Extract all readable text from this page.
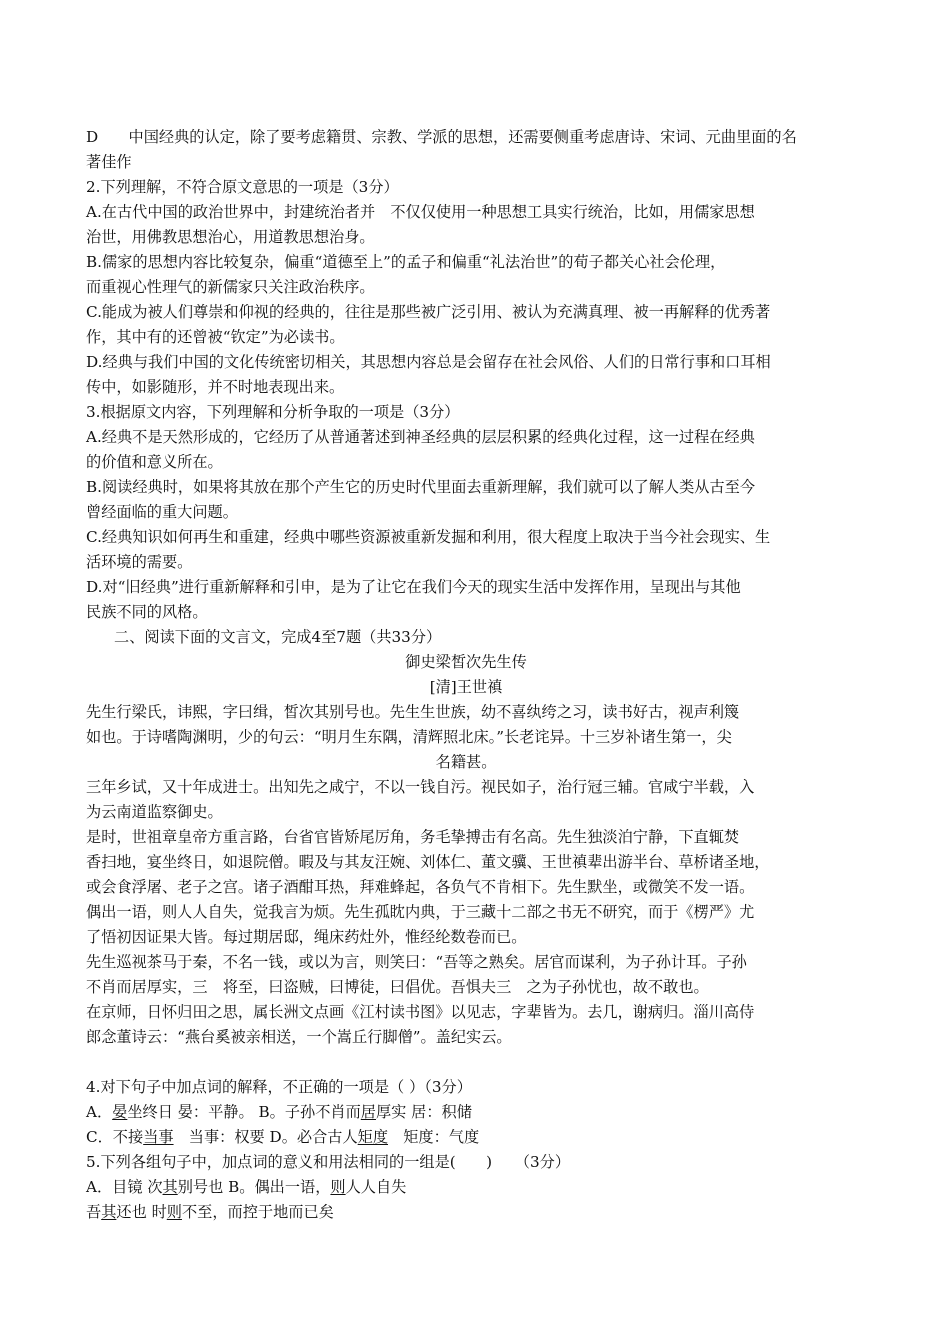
D　　中国经典的认定，除了要考虑籍贯、宗教、学派的思想，还需要侧重考虑唐诗、宋词、元曲里面的名
著佳作
2.下列理解，不符合原文意思的一项是（3分）
A.在古代中国的政治世界中，封建统治者并　不仅仅使用一种思想工具实行统治，比如，用儒家思想
治世，用佛教思想治心，用道教思想治身。
B.儒家的思想内容比较复杂，偏重“道德至上”的孟子和偏重“礼法治世”的荀子都关心社会伦理，
而重视心性理气的新儒家只关注政治秩序。
C.能成为被人们尊崇和仰视的经典的，往往是那些被广泛引用、被认为充满真理、被一再解释的优秀著
作，其中有的还曾被“钦定”为必读书。
D.经典与我们中国的文化传统密切相关，其思想内容总是会留存在社会风俗、人们的日常行事和口耳相
传中，如影随形，并不时地表现出来。
3.根据原文内容，下列理解和分析争取的一项是（3分）
A.经典不是天然形成的，它经历了从普通著述到神圣经典的层层积累的经典化过程，这一过程在经典
的价值和意义所在。
B.阅读经典时，如果将其放在那个产生它的历史时代里面去重新理解，我们就可以了解人类从古至今
曾经面临的重大问题。
C.经典知识如何再生和重建，经典中哪些资源被重新发掘和利用，很大程度上取决于当今社会现实、生
活环境的需要。
D.对“旧经典”进行重新解释和引申，是为了让它在我们今天的现实生活中发挥作用，呈现出与其他
民族不同的风格。
二、阅读下面的文言文，完成4至7题（共33分）
御史梁皙次先生传
[清]王世禛
先生行梁氏，讳熙，字曰缉，皙次其别号也。先生生世族，幼不喜纨绔之习，读书好古，视声利篾
如也。于诗嗜陶渊明，少的句云：“明月生东隅，清辉照北床。”长老诧异。十三岁补诸生第一，尖
名籍甚。
三年乡试，又十年成进士。出知先之咸宁，不以一钱自污。视民如子，治行冠三辅。官咸宁半载，入
为云南道监察御史。
是时，世祖章皇帝方重言路，台省官皆矫尾厉角，务毛挚搏击有名高。先生独淡泊宁静，下直辄焚
香扫地，宴坐终日，如退院僧。暇及与其友汪婉、刘体仁、董文骥、王世禛辈出游半台、草桥诸圣地，
或会食浮屠、老子之宫。诸子酒酣耳热，拜难蜂起，各负气不肯相下。先生默坐，或微笑不发一语。
偶出一语，则人人自失，觉我言为烦。先生孤眈内典，于三藏十二部之书无不研究，而于《楞严》尤
了悟初因证果大皆。每过期居邸，绳床药灶外，惟经纶数卷而已。
先生巡视茶马于秦，不名一钱，或以为言，则笑曰：“吾等之熟矣。居官而谋利，为子孙计耳。子孙
不肖而居厚实，三　将至，曰盗贼，曰博徒，曰倡优。吾惧夫三　之为子孙忧也，故不敢也。
在京师，日怀归田之思，属长洲文点画《江村读书图》以见志，字辈皆为。去几，谢病归。淄川高侍
郎念董诗云：“燕台奚被亲相送，一个嵩丘行脚僧”。盖纪实云。
4.对下句子中加点词的解释，不正确的一项是（ ）（3分）
A．晏坐终日 晏：平静。 B。子孙不肖而居厚实 居：积储
C．不接当事　当事：权要 D。必合古人矩度　矩度：气度
5.下列各组句子中，加点词的意义和用法相同的一组是(　　)　　（3分）
A．目镜 次其别号也 B。偶出一语，则人人自失
吾其还也 时则不至，而控于地而已矣
